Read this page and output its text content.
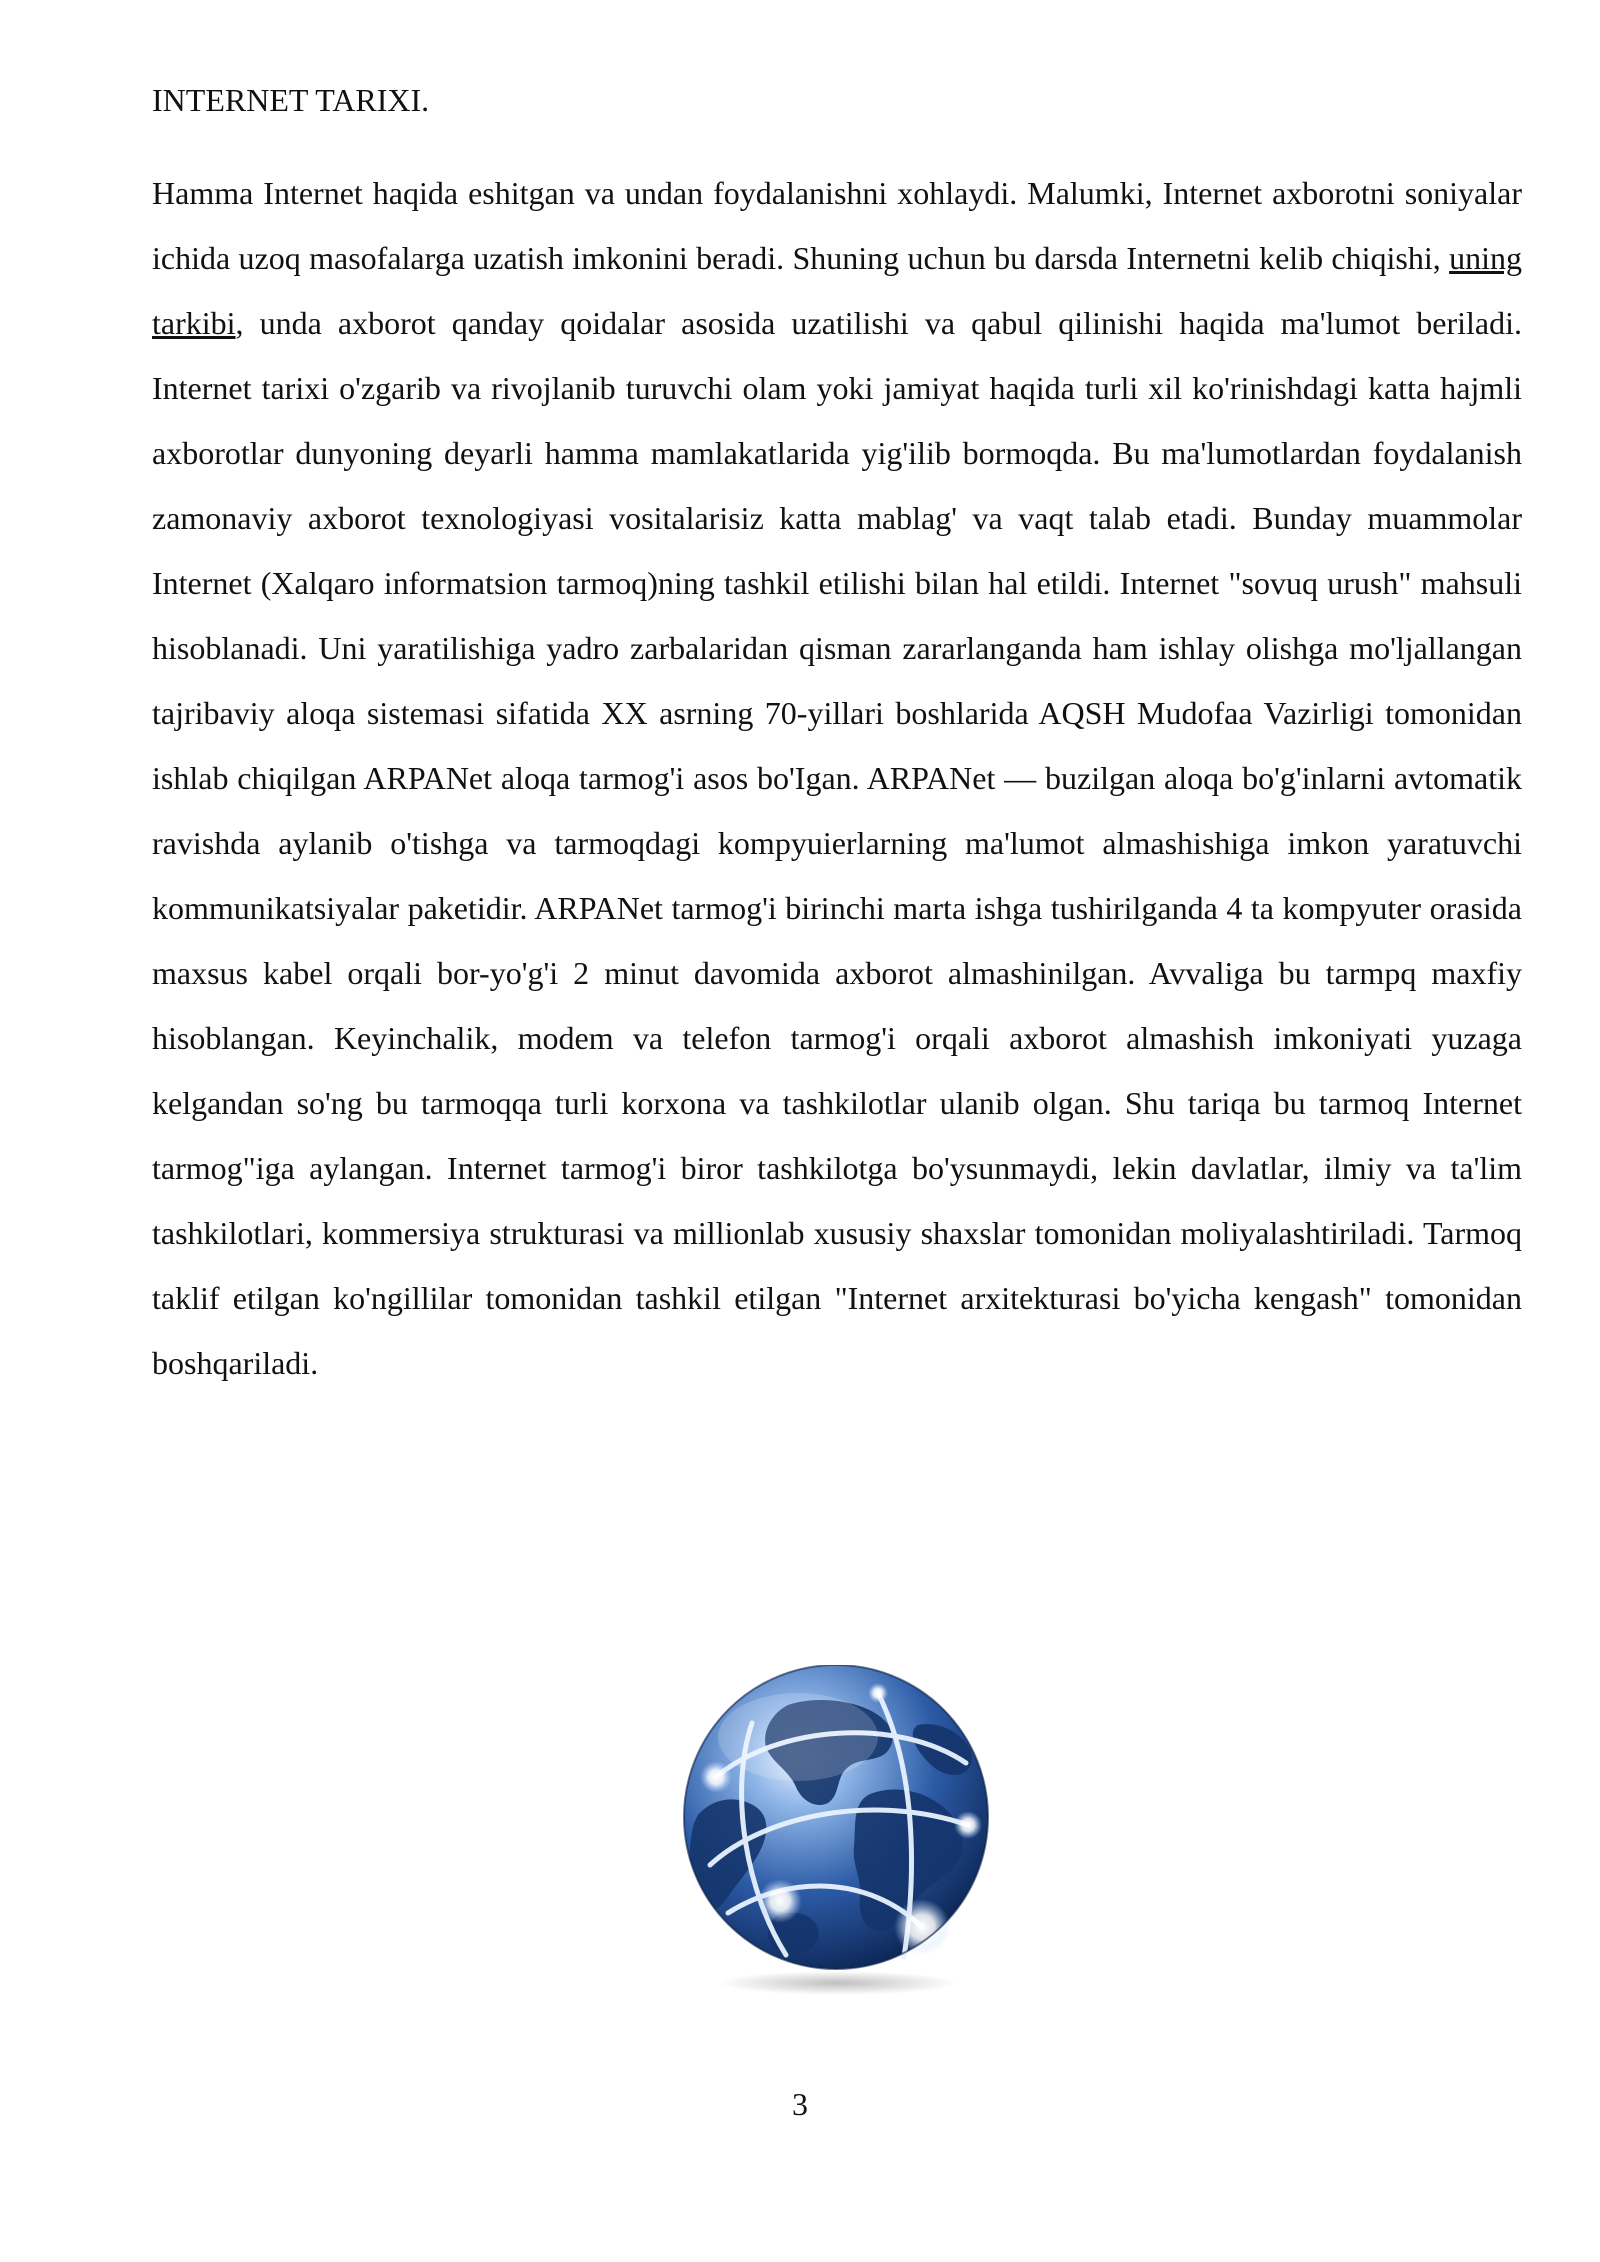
INTERNET TARIXI.

Hamma Internet haqida eshitgan va undan foydalanishni xohlaydi. Malumki, Internet axborotni soniyalar ichida uzoq masofalarga uzatish imkonini beradi. Shuning uchun bu darsda Internetni kelib chiqishi, uning tarkibi, unda axborot qanday qoidalar asosida uzatilishi va qabul qilinishi haqida ma'lumot beriladi. Internet tarixi o'zgarib va rivojlanib turuvchi olam yoki jamiyat haqida turli xil ko'rinishdagi katta hajmli axborotlar dunyoning deyarli hamma mamlakatlarida yig'ilib bormoqda. Bu ma'lumotlardan foydalanish zamonaviy axborot texnologiyasi vositalarisiz katta mablag' va vaqt talab etadi. Bunday muammolar Internet (Xalqaro informatsion tarmoq)ning tashkil etilishi bilan hal etildi. Internet "sovuq urush" mahsuli hisoblanadi. Uni yaratilishiga yadro zarbalaridan qisman zararlanganda ham ishlay olishga mo'ljallangan tajribaviy aloqa sistemasi sifatida XX asrning 70-yillari boshlarida AQSH Mudofaa Vazirligi tomonidan ishlab chiqilgan ARPANet aloqa tarmog'i asos bo'Igan. ARPANet — buzilgan aloqa bo'g'inlarni avtomatik ravishda aylanib o'tishga va tarmoqdagi kompyuierlarning ma'lumot almashishiga imkon yaratuvchi kommunikatsiyalar paketidir. ARPANet tarmog'i birinchi marta ishga tushirilganda 4 ta kompyuter orasida maxsus kabel orqali bor-yo'g'i 2 minut davomida axborot almashinilgan. Avvaliga bu tarmpq maxfiy hisoblangan. Keyinchalik, modem va telefon tarmog'i orqali axborot almashish imkoniyati yuzaga kelgandan so'ng bu tarmoqqa turli korxona va tashkilotlar ulanib olgan. Shu tariqa bu tarmoq Internet tarmog"iga aylangan. Internet tarmog'i biror tashkilotga bo'ysunmaydi, lekin davlatlar, ilmiy va ta'lim tashkilotlari, kommersiya strukturasi va millionlab xususiy shaxslar tomonidan moliyalashtiriladi. Tarmoq taklif etilgan ko'ngillilar tomonidan tashkil etilgan "Internet arxitekturasi bo'yicha kengash" tomonidan boshqariladi.

3
